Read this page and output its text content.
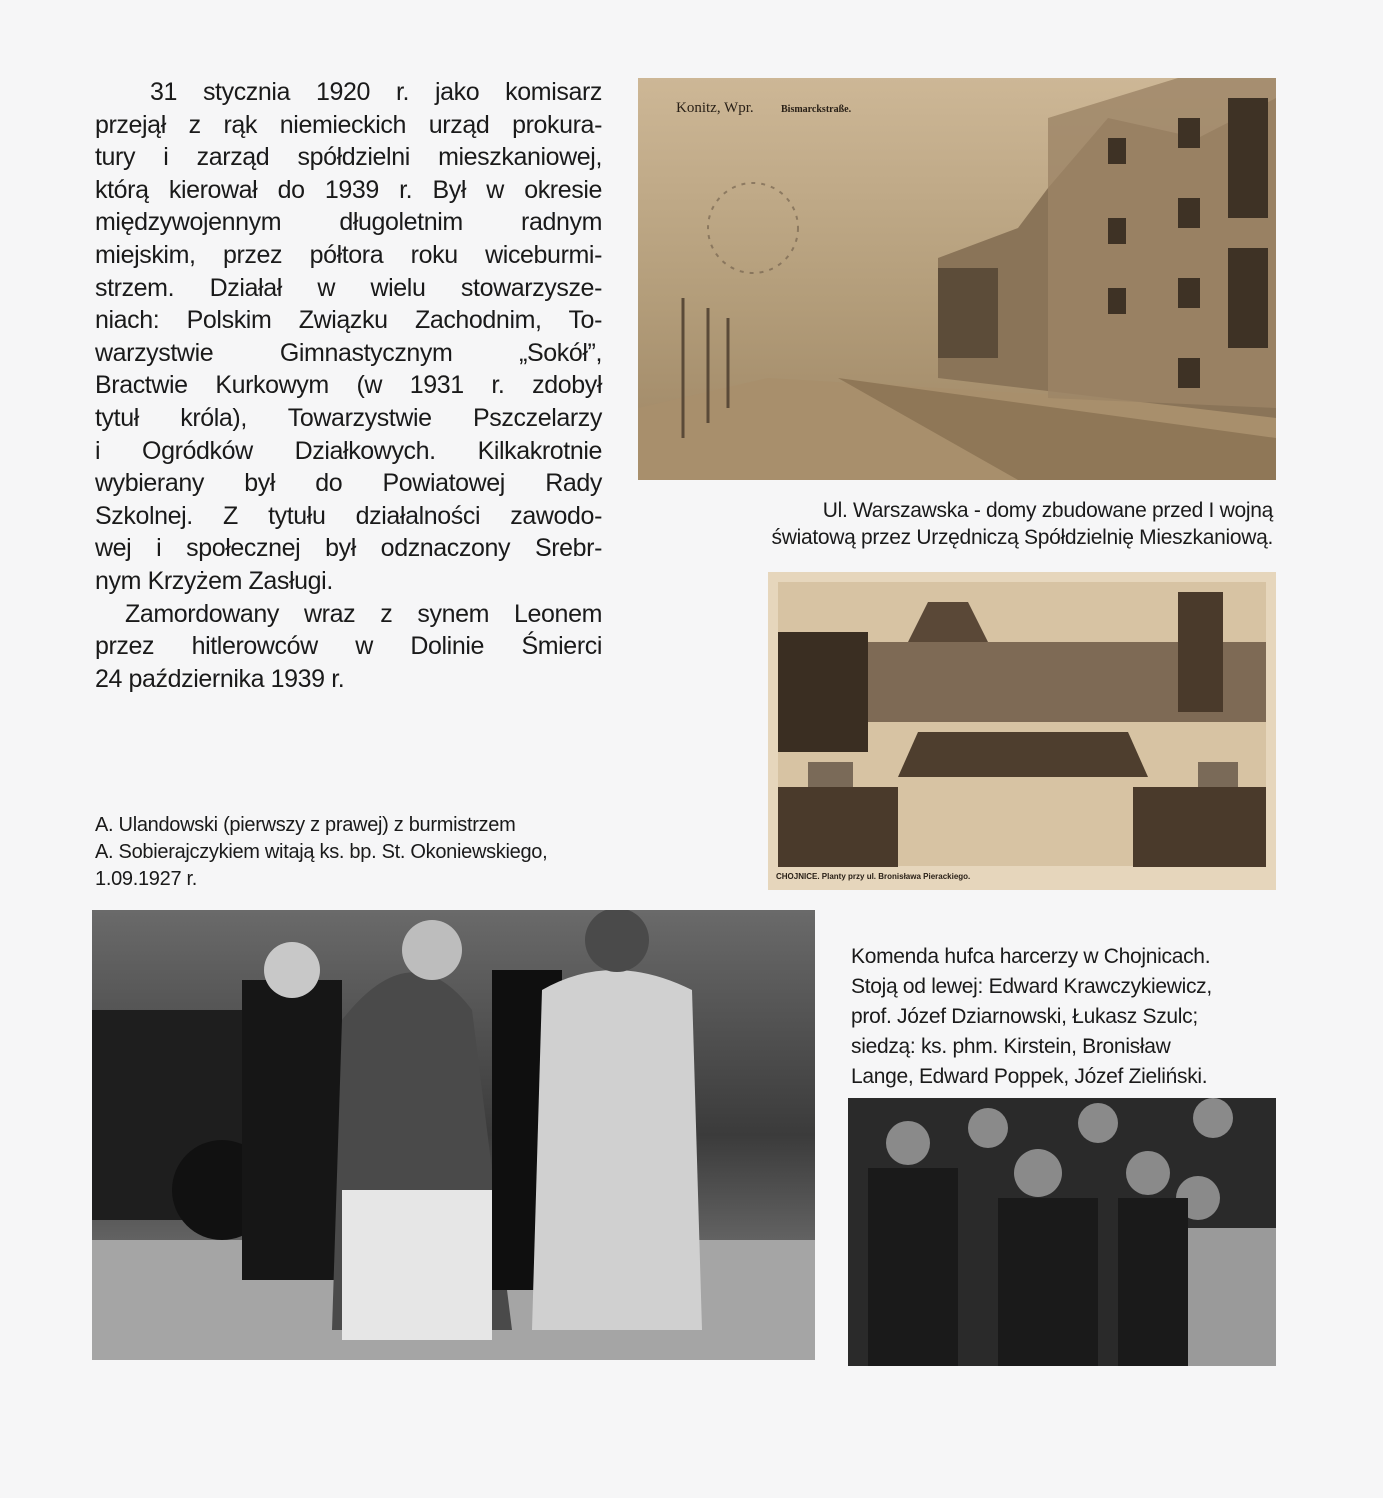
31 stycznia 1920 r. jako komisarz
przejął z rąk niemieckich urząd prokura-
tury i zarząd spółdzielni mieszkaniowej,
którą kierował do 1939 r. Był w okresie
międzywojennym długoletnim radnym
miejskim, przez półtora roku wiceburmi-
strzem. Działał w wielu stowarzysze-
niach: Polskim Związku Zachodnim, To-
warzystwie Gimnastycznym „Sokół”,
Bractwie Kurkowym (w 1931 r. zdobył
tytuł króla), Towarzystwie Pszczelarzy
i Ogródków Działkowych. Kilkakrotnie
wybierany był do Powiatowej Rady
Szkolnej. Z tytułu działalności zawodo-
wej i społecznej był odznaczony Srebr-
nym Krzyżem Zasługi.
Zamordowany wraz z synem Leonem
przez hitlerowców w Dolinie Śmierci
24 października 1939 r.
Konitz, Wpr.	Bismarckstraße.
Ul. Warszawska - domy zbudowane przed I wojną
światową przez Urzędniczą Spółdzielnię Mieszkaniową.
CHOJNICE. Planty przy ul. Bronisława Pierackiego.
A. Ulandowski (pierwszy z prawej) z burmistrzem
A. Sobierajczykiem witają ks. bp. St. Okoniewskiego,
1.09.1927 r.
Komenda hufca harcerzy w Chojnicach.
Stoją od lewej: Edward Krawczykiewicz,
prof. Józef Dziarnowski, Łukasz Szulc;
siedzą: ks. phm. Kirstein, Bronisław
Lange, Edward Poppek, Józef Zieliński.
